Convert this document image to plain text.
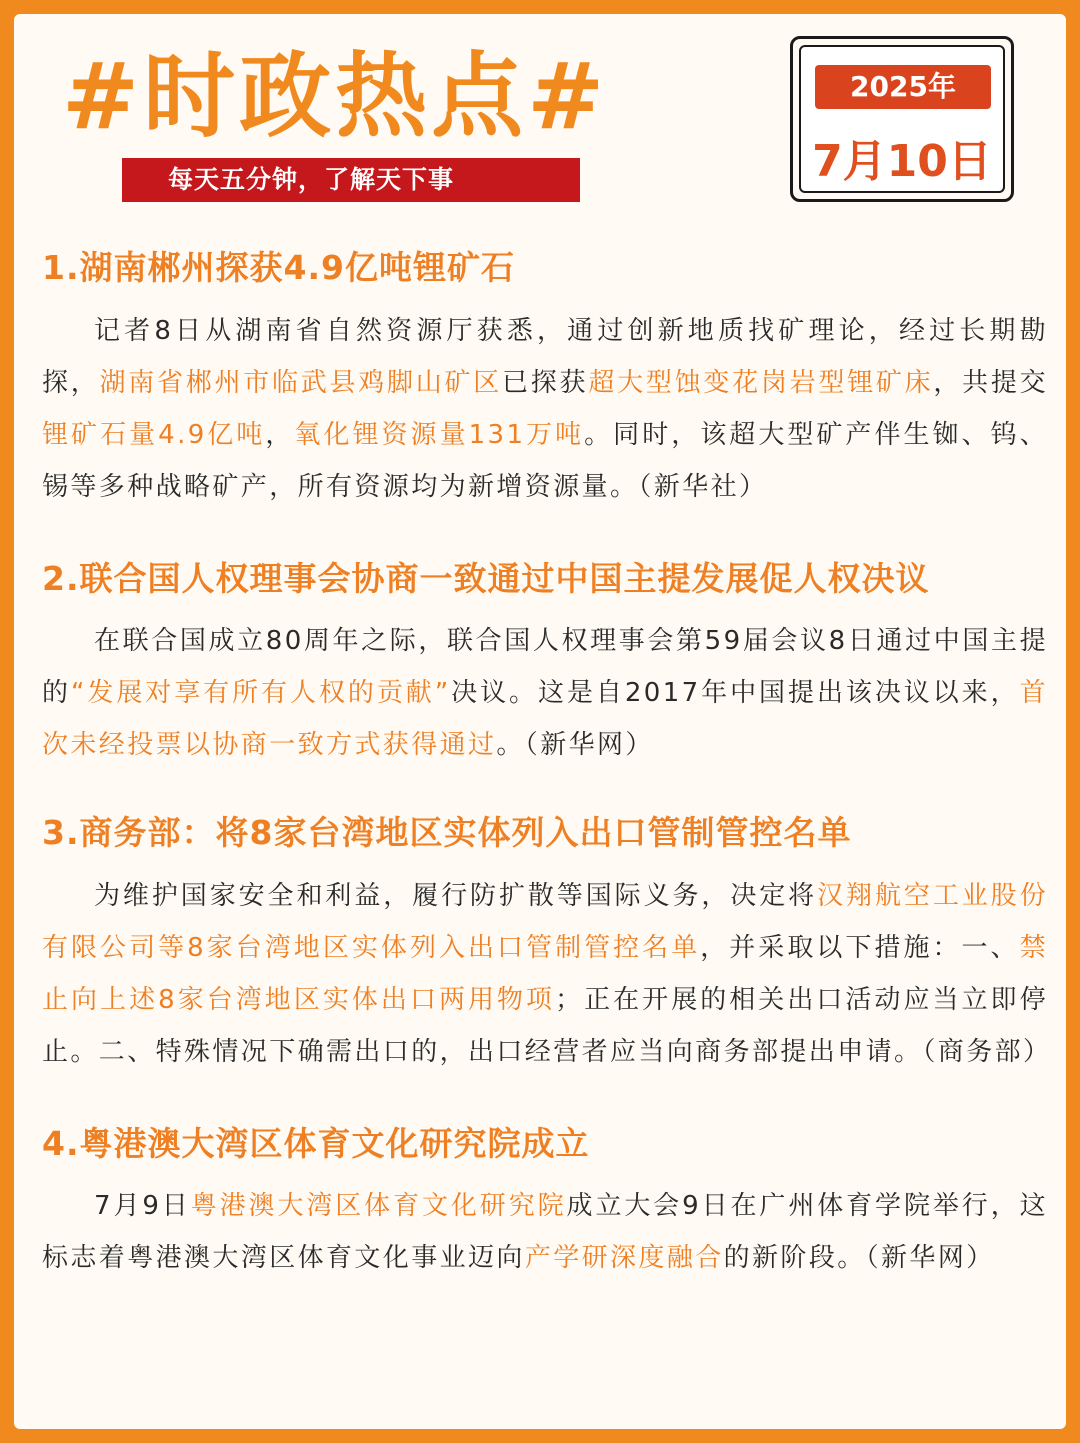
#时政热点#
每天五分钟，了解天下事
2025年
7月10日
1.湖南郴州探获4.9亿吨锂矿石

记者8日从湖南省自然资源厅获悉，通过创新地质找矿理论，经过长期勘探，湖南省郴州市临武县鸡脚山矿区已探获超大型蚀变花岗岩型锂矿床，共提交锂矿石量4.9亿吨，氧化锂资源量131万吨。同时，该超大型矿产伴生铷、钨、锡等多种战略矿产，所有资源均为新增资源量。（新华社）

2.联合国人权理事会协商一致通过中国主提发展促人权决议

在联合国成立80周年之际，联合国人权理事会第59届会议8日通过中国主提的“发展对享有所有人权的贡献”决议。这是自2017年中国提出该决议以来，首次未经投票以协商一致方式获得通过。（新华网）

3.商务部：将8家台湾地区实体列入出口管制管控名单

为维护国家安全和利益，履行防扩散等国际义务，决定将汉翔航空工业股份有限公司等8家台湾地区实体列入出口管制管控名单，并采取以下措施：一、禁止向上述8家台湾地区实体出口两用物项；正在开展的相关出口活动应当立即停止。二、特殊情况下确需出口的，出口经营者应当向商务部提出申请。（商务部）

4.粤港澳大湾区体育文化研究院成立

7月9日粤港澳大湾区体育文化研究院成立大会9日在广州体育学院举行，这标志着粤港澳大湾区体育文化事业迈向产学研深度融合的新阶段。（新华网）
